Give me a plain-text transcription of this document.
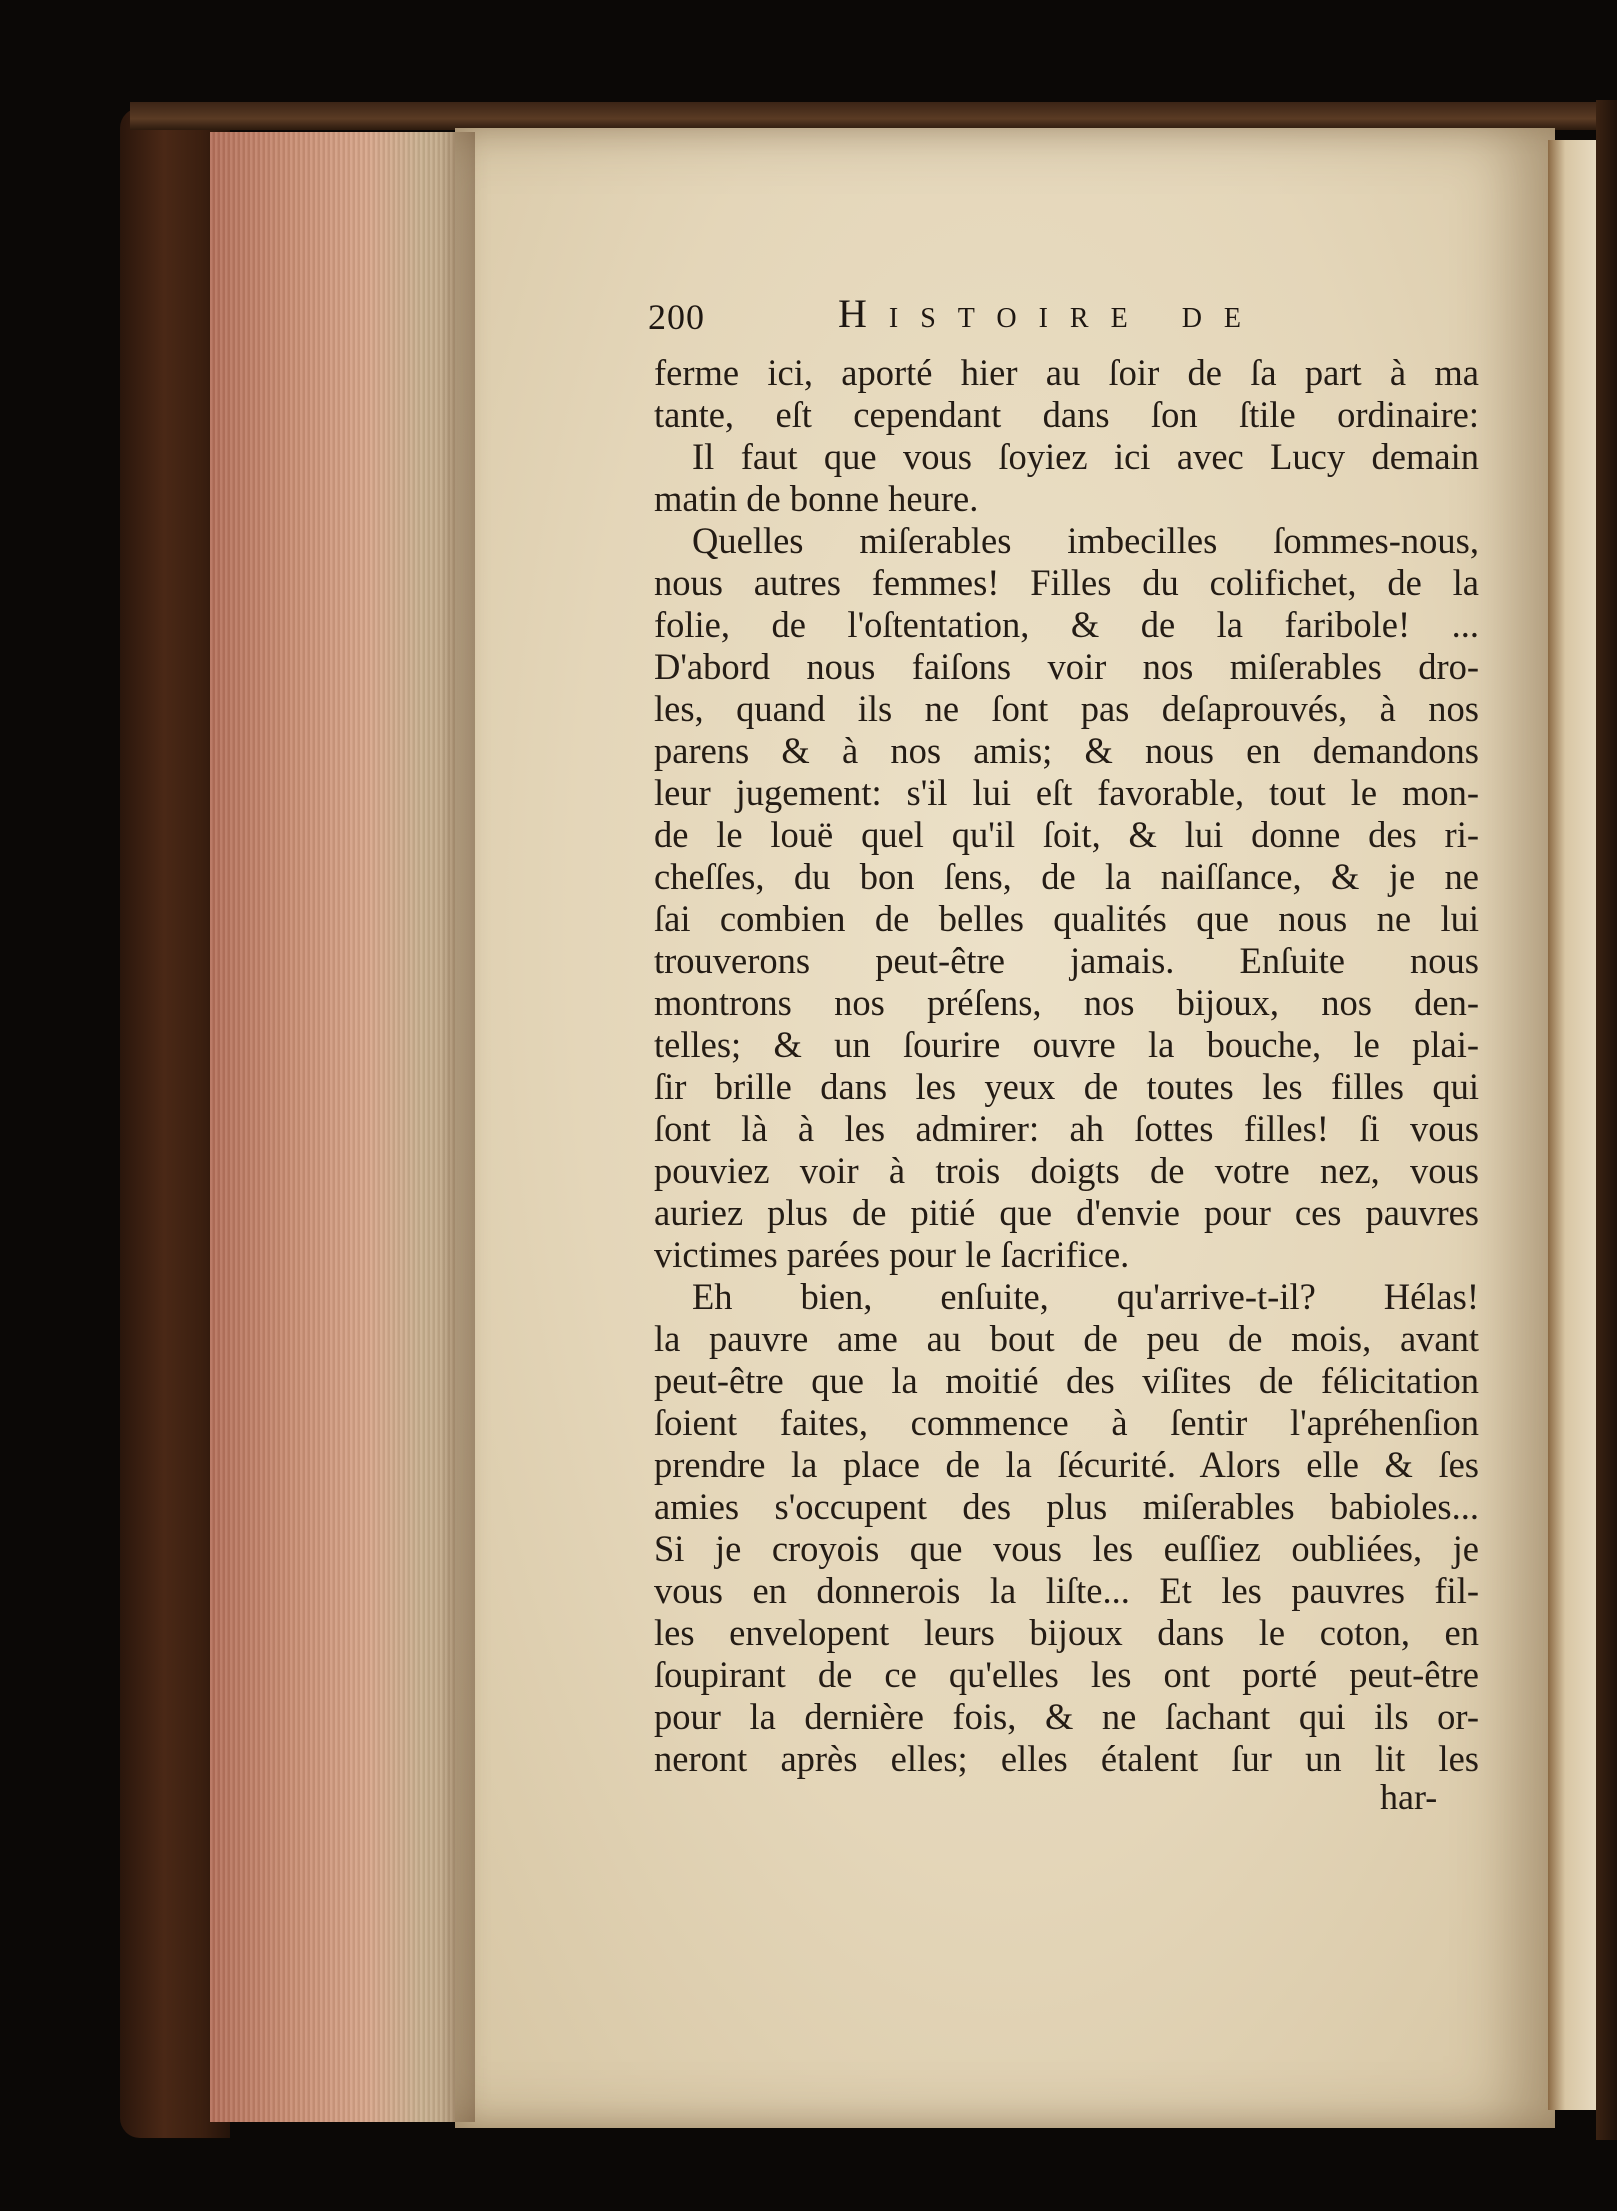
200	Histoire de
ferme ici, aporté hier au ſoir de ſa part à ma
tante, eſt cependant dans ſon ſtile ordinaire:
Il faut que vous ſoyiez ici avec Lucy demain
matin de bonne heure.
Quelles miſerables imbecilles ſommes-nous,
nous autres femmes! Filles du colifichet, de la
folie, de l'oſtentation, & de la faribole! ...
D'abord nous faiſons voir nos miſerables dro-
les, quand ils ne ſont pas deſaprouvés, à nos
parens & à nos amis; & nous en demandons
leur jugement: s'il lui eſt favorable, tout le mon-
de le louë quel qu'il ſoit, & lui donne des ri-
cheſſes, du bon ſens, de la naiſſance, & je ne
ſai combien de belles qualités que nous ne lui
trouverons peut-être jamais. Enſuite nous
montrons nos préſens, nos bijoux, nos den-
telles; & un ſourire ouvre la bouche, le plai-
ſir brille dans les yeux de toutes les filles qui
ſont là à les admirer: ah ſottes filles! ſi vous
pouviez voir à trois doigts de votre nez, vous
auriez plus de pitié que d'envie pour ces pauvres
victimes parées pour le ſacrifice.
Eh bien, enſuite, qu'arrive-t-il? Hélas!
la pauvre ame au bout de peu de mois, avant
peut-être que la moitié des viſites de félicitation
ſoient faites, commence à ſentir l'apréhenſion
prendre la place de la ſécurité. Alors elle & ſes
amies s'occupent des plus miſerables babioles...
Si je croyois que vous les euſſiez oubliées, je
vous en donnerois la liſte... Et les pauvres fil-
les envelopent leurs bijoux dans le coton, en
ſoupirant de ce qu'elles les ont porté peut-être
pour la dernière fois, & ne ſachant qui ils or-
neront après elles; elles étalent ſur un lit les
har-
